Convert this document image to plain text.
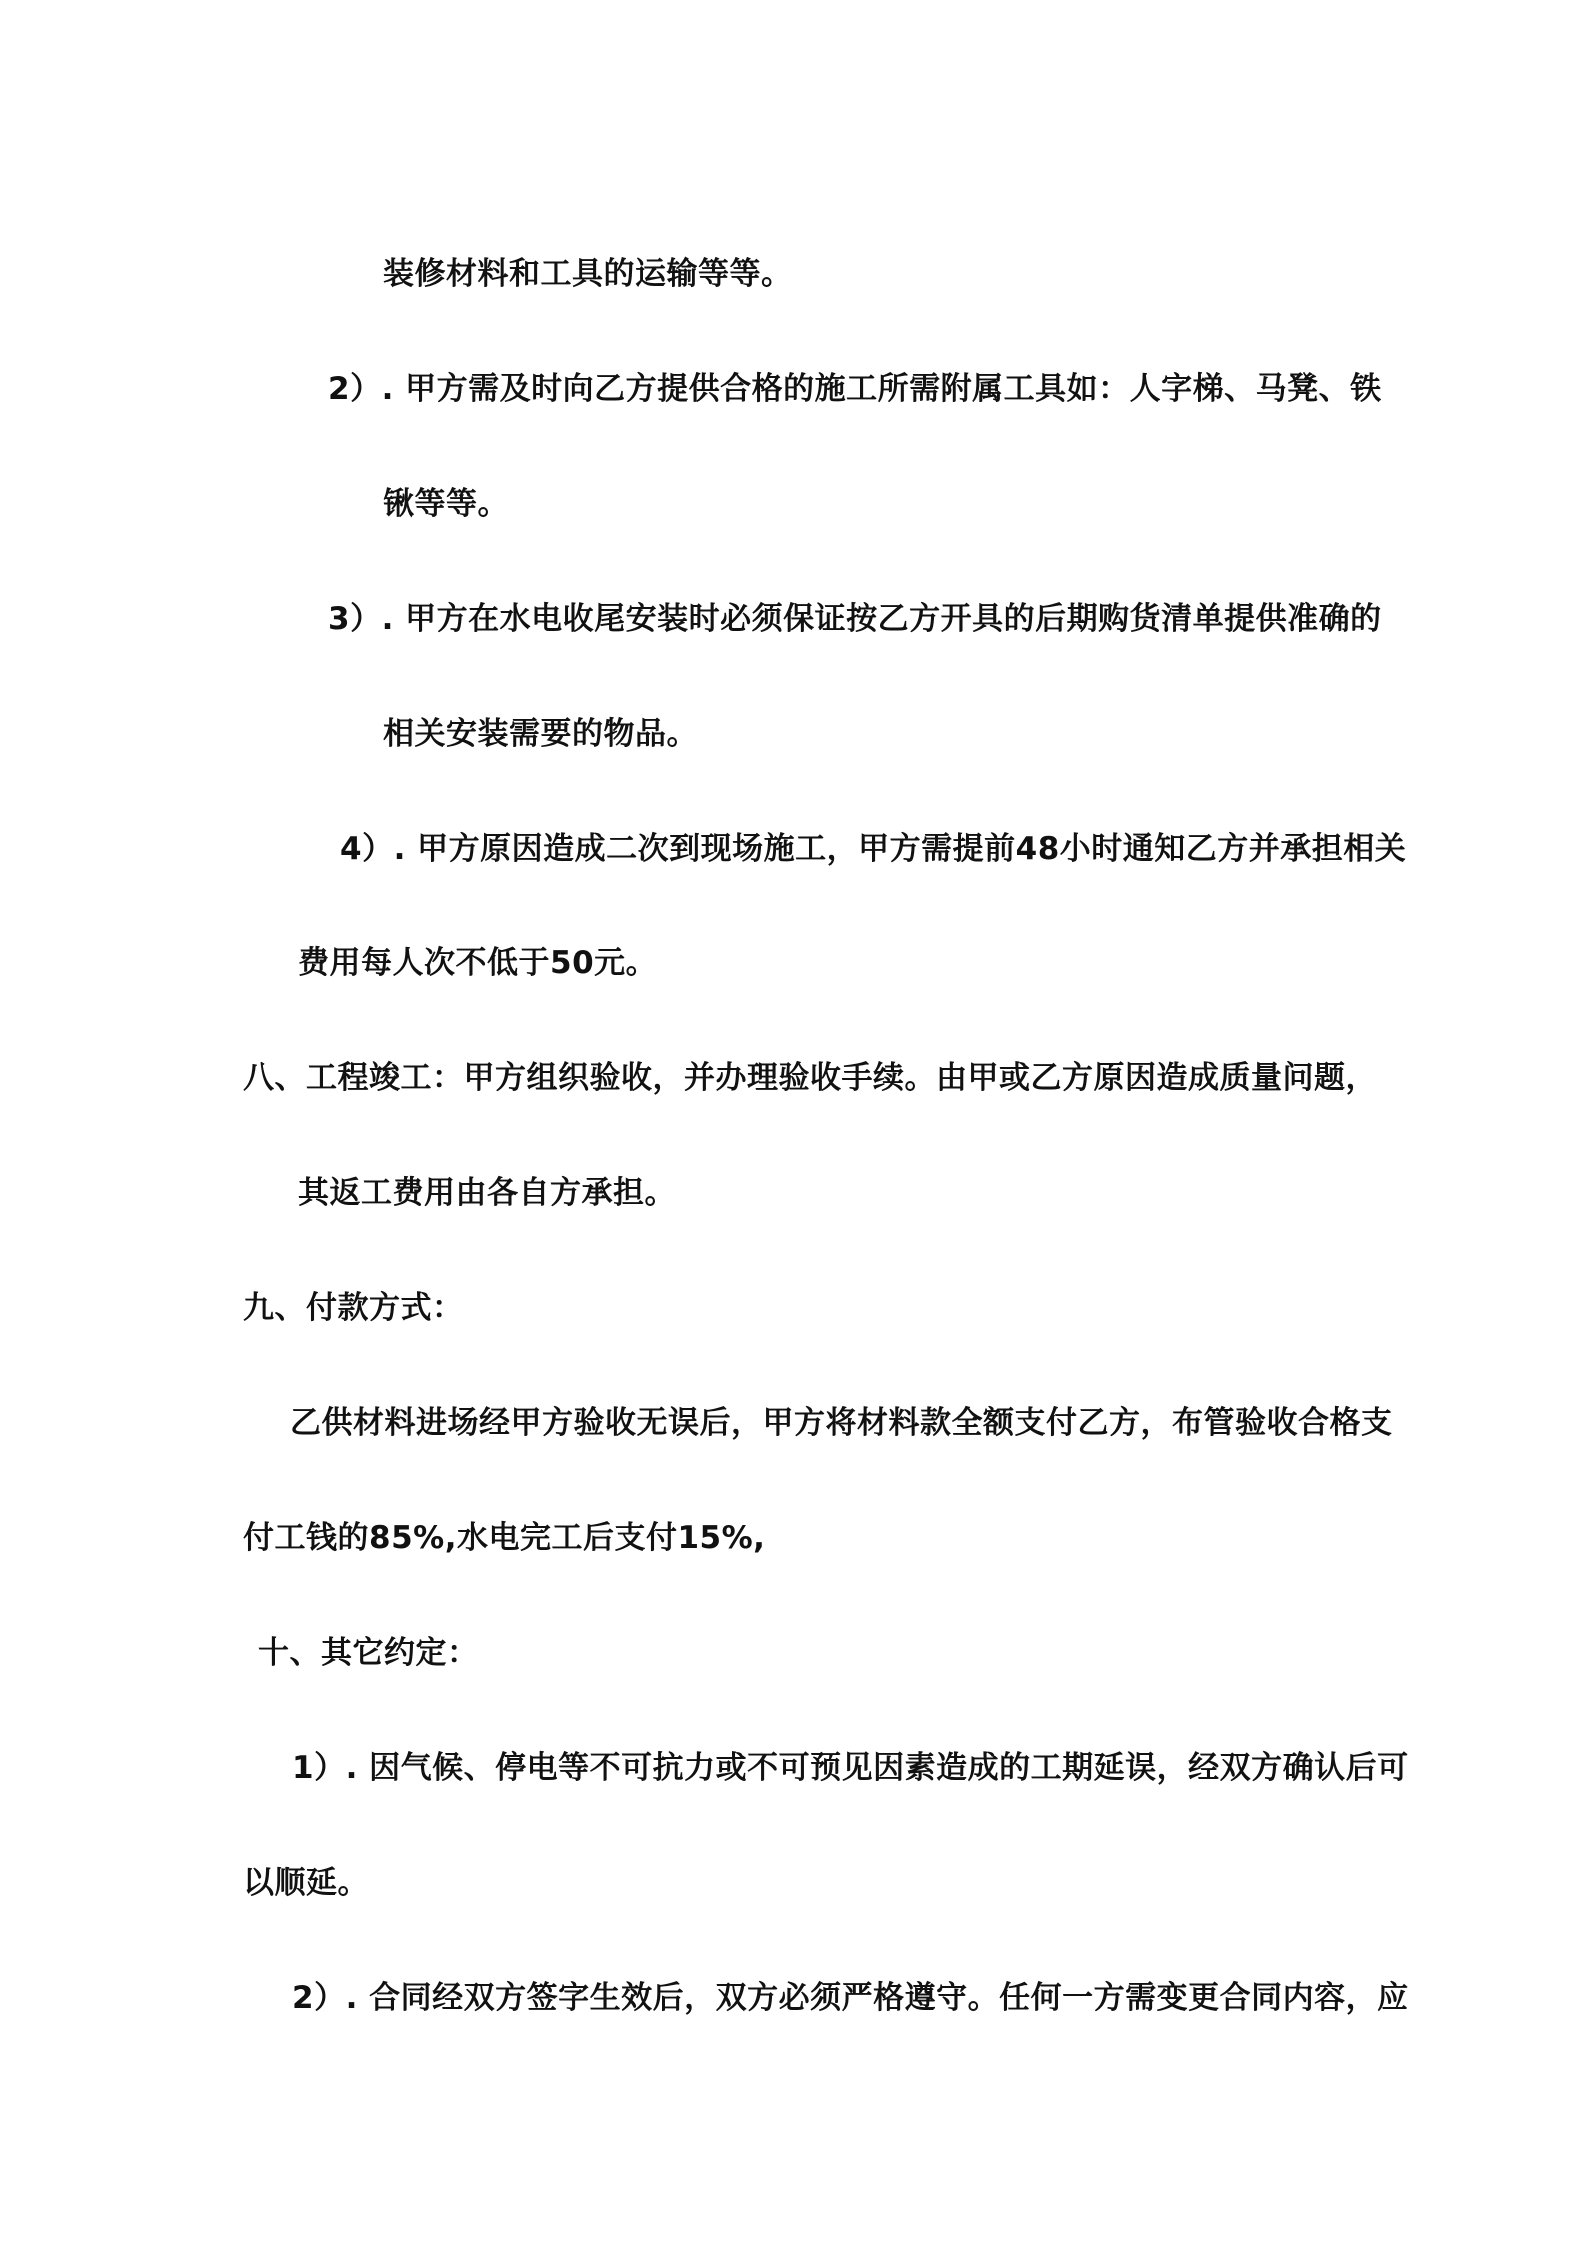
装修材料和工具的运输等等。
2）. 甲方需及时向乙方提供合格的施工所需附属工具如：人字梯、马凳、铁
锹等等。
3）. 甲方在水电收尾安装时必须保证按乙方开具的后期购货清单提供准确的
相关安装需要的物品。
4）. 甲方原因造成二次到现场施工，甲方需提前48小时通知乙方并承担相关
费用每人次不低于50元。
八、工程竣工：甲方组织验收，并办理验收手续。由甲或乙方原因造成质量问题，
其返工费用由各自方承担。
九、付款方式：
乙供材料进场经甲方验收无误后，甲方将材料款全额支付乙方，布管验收合格支
付工钱的85%,水电完工后支付15%,
十、其它约定：
1）. 因气候、停电等不可抗力或不可预见因素造成的工期延误，经双方确认后可
以顺延。
2）. 合同经双方签字生效后，双方必须严格遵守。任何一方需变更合同内容，应
